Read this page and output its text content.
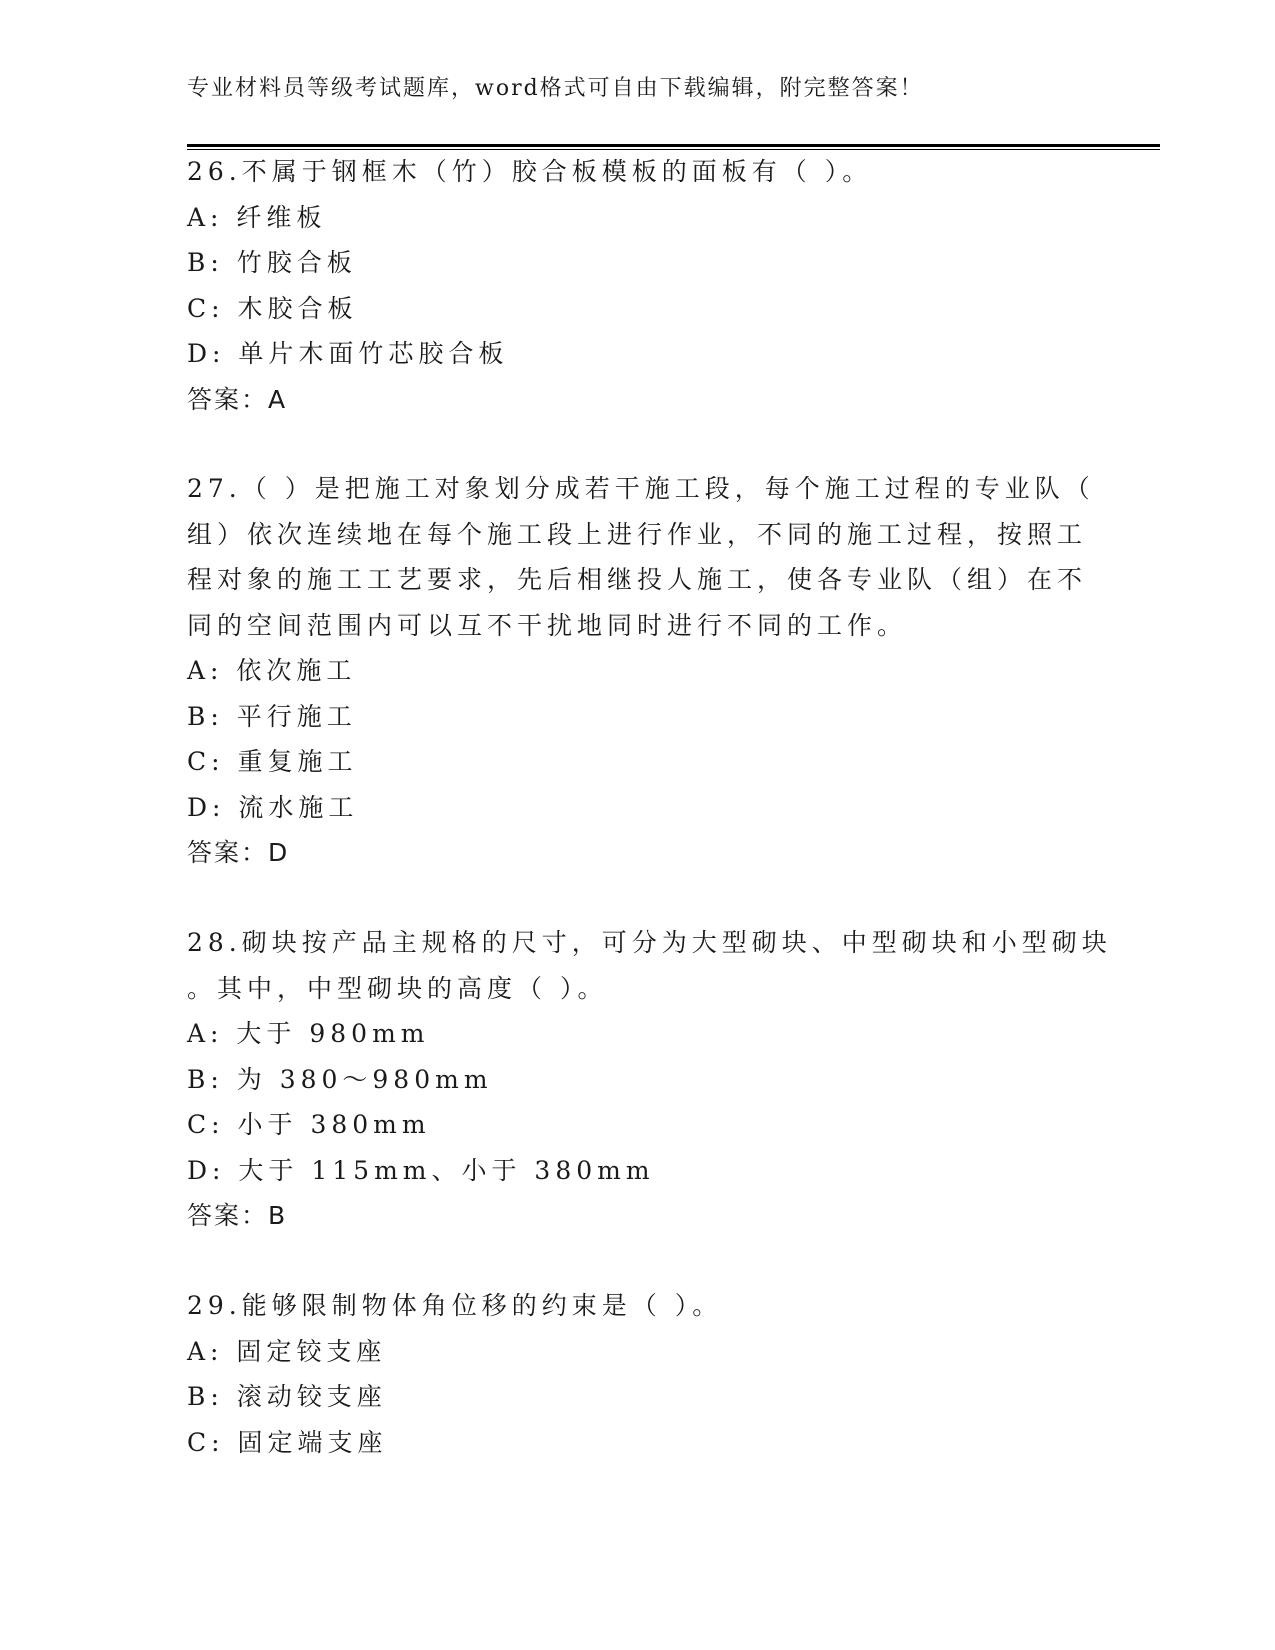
专业材料员等级考试题库，word格式可自由下载编辑，附完整答案！
26.不属于钢框木（竹）胶合板模板的面板有（ ）。
A: 纤维板
B: 竹胶合板
C: 木胶合板
D: 单片木面竹芯胶合板
答案：A
27.（ ）是把施工对象划分成若干施工段，每个施工过程的专业队（
组）依次连续地在每个施工段上进行作业，不同的施工过程，按照工
程对象的施工工艺要求，先后相继投人施工，使各专业队（组）在不
同的空间范围内可以互不干扰地同时进行不同的工作。
A: 依次施工
B: 平行施工
C: 重复施工
D: 流水施工
答案：D
28.砌块按产品主规格的尺寸，可分为大型砌块、中型砌块和小型砌块
。其中，中型砌块的高度（ ）。
A: 大于 980mm
B: 为 380～980mm
C: 小于 380mm
D: 大于 115mm、小于 380mm
答案：B
29.能够限制物体角位移的约束是（ ）。
A: 固定铰支座
B: 滚动铰支座
C: 固定端支座
